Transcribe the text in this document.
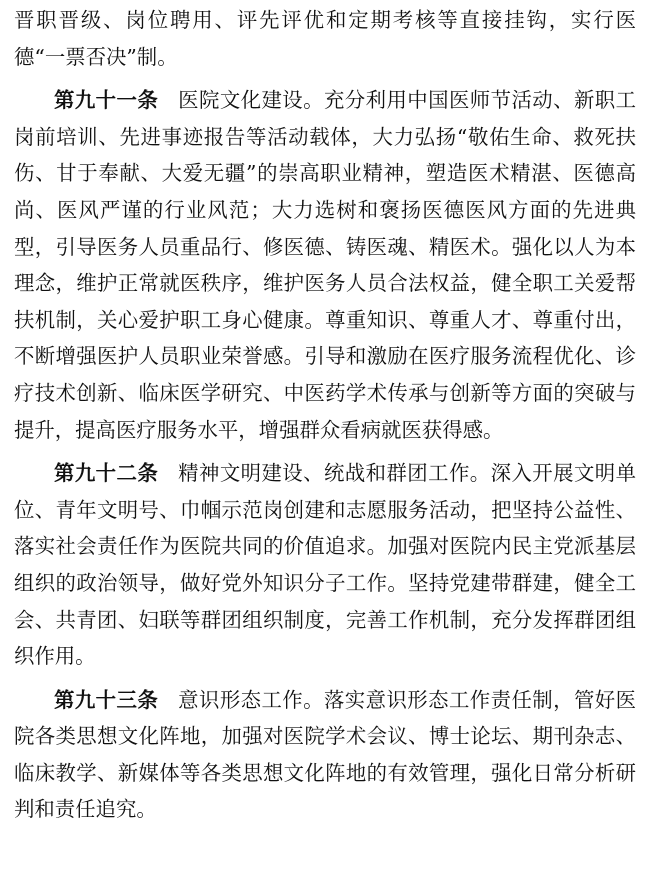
晋职晋级、岗位聘用、评先评优和定期考核等直接挂钩，实行医德“一票否决”制。

第九十一条 医院文化建设。充分利用中国医师节活动、新职工岗前培训、先进事迹报告等活动载体，大力弘扬“敬佑生命、救死扶伤、甘于奉献、大爱无疆”的崇高职业精神，塑造医术精湛、医德高尚、医风严谨的行业风范；大力选树和褒扬医德医风方面的先进典型，引导医务人员重品行、修医德、铸医魂、精医术。强化以人为本理念，维护正常就医秩序，维护医务人员合法权益，健全职工关爱帮扶机制，关心爱护职工身心健康。尊重知识、尊重人才、尊重付出，不断增强医护人员职业荣誉感。引导和激励在医疗服务流程优化、诊疗技术创新、临床医学研究、中医药学术传承与创新等方面的突破与提升，提高医疗服务水平，增强群众看病就医获得感。

第九十二条 精神文明建设、统战和群团工作。深入开展文明单位、青年文明号、巾帼示范岗创建和志愿服务活动，把坚持公益性、落实社会责任作为医院共同的价值追求。加强对医院内民主党派基层组织的政治领导，做好党外知识分子工作。坚持党建带群建，健全工会、共青团、妇联等群团组织制度，完善工作机制，充分发挥群团组织作用。

第九十三条 意识形态工作。落实意识形态工作责任制，管好医院各类思想文化阵地，加强对医院学术会议、博士论坛、期刊杂志、临床教学、新媒体等各类思想文化阵地的有效管理，强化日常分析研判和责任追究。
